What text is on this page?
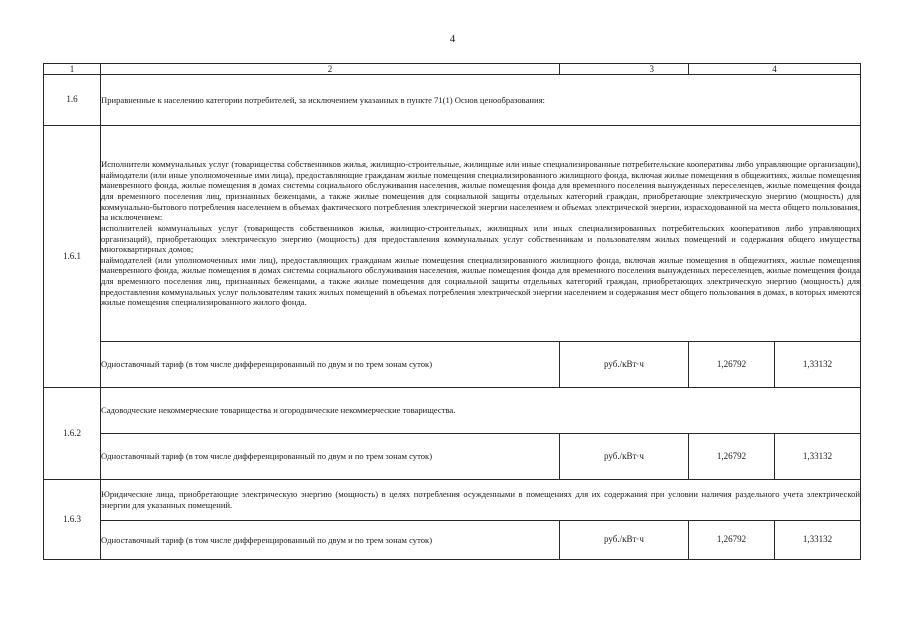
4
1	2	3	4	
1.6	Приравненные к населению категории потребителей, за исключением указанных в пункте 71(1) Основ ценообразования:			
1.6.1	Исполнители коммунальных услуг (товарищества собственников жилья, жилищно-строительные, жилищные или иные специализированные потребительские кооперативы либо управляющие организации), наймодатели (или иные уполномоченные ими лица), предоставляющие гражданам жилые помещения специализированного жилищного фонда, включая жилые помещения в общежитиях, жилые помещения маневренного фонда, жилые помещения в домах системы социального обслуживания населения, жилые помещения фонда для временного поселения вынужденных переселенцев, жилые помещения фонда для временного поселения лиц, признанных беженцами, а также жилые помещения для социальной защиты отдельных категорий граждан, приобретающие электрическую энергию (мощность) для коммунально-бытового потребления населением в объемах фактического потребления электрической энергии населением и объемах электрической энергии, израсходованной на места общего пользования, за исключением:

исполнителей коммунальных услуг (товариществ собственников жилья, жилищно-строительных, жилищных или иных специализированных потребительских кооперативов либо управляющих организаций), приобретающих электрическую энергию (мощность) для предоставления коммунальных услуг собственникам и пользователям жилых помещений и содержания общего имущества многоквартирных домов;

наймодателей (или уполномоченных ими лиц), предоставляющих гражданам жилые помещения специализированного жилищного фонда, включая жилые помещения в общежитиях, жилые помещения маневренного фонда, жилые помещения в домах системы социального обслуживания населения, жилые помещения фонда для временного поселения вынужденных переселенцев, жилые помещения фонда для временного поселения лиц, признанных беженцами, а также жилые помещения для социальной защиты отдельных категорий граждан, приобретающих электрическую энергию (мощность) для предоставления коммунальных услуг пользователям таких жилых помещений в объемах потребления электрической энергии населением и содержания мест общего пользования в домах, в которых имеются жилые помещения специализированного жилого фонда.			

	Одноставочный тариф (в том числе дифференцированный по двум и по трем зонам суток)	руб./кВт·ч	1,26792	1,33132
1.6.2	Садоводческие некоммерческие товарищества и огороднические некоммерческие товарищества.			
	Одноставочный тариф (в том числе дифференцированный по двум и по трем зонам суток)	руб./кВт·ч	1,26792	1,33132
1.6.3	Юридические лица, приобретающие электрическую энергию (мощность) в целях потребления осужденными в помещениях для их содержания при условии наличия раздельного учета электрической энергии для указанных помещений.			
	Одноставочный тариф (в том числе дифференцированный по двум и по трем зонам суток)	руб./кВт·ч	1,26792	1,33132
